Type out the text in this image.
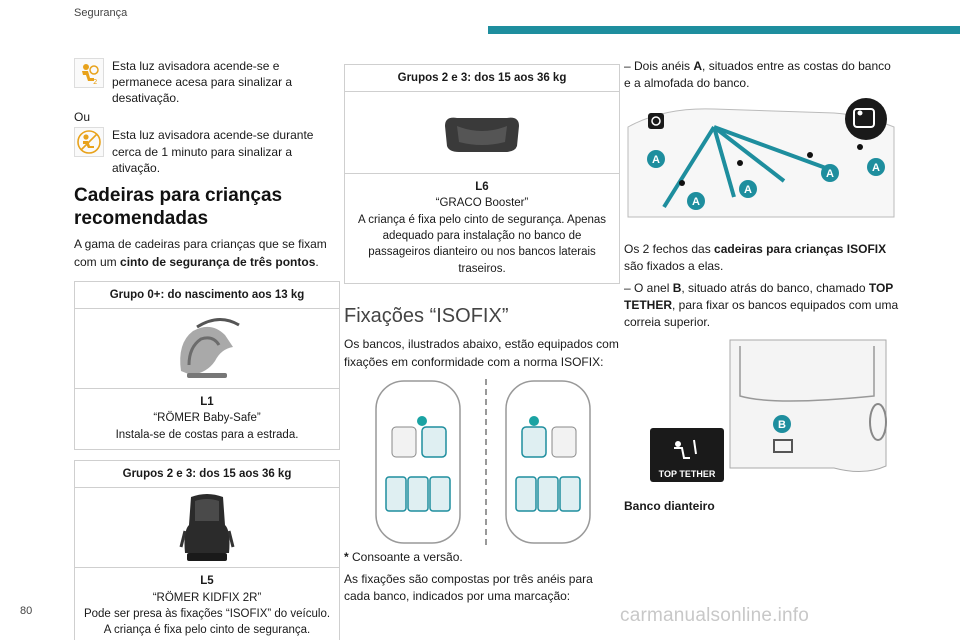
Segurança
2
Esta luz avisadora acende-se e permanece acesa para sinalizar a desativação.
Ou
Esta luz avisadora acende-se durante cerca de 1 minuto para sinalizar a ativação.
Cadeiras para crianças recomendadas

A gama de cadeiras para crianças que se fixam com um cinto de segurança de três pontos.

Grupo 0+: do nascimento aos 13 kg
L1
“RÖMER Baby-Safe”
Instala-se de costas para a estrada.
Grupos 2 e 3: dos 15 aos 36 kg
L5
“RÖMER KIDFIX 2R”
Pode ser presa às fixações “ISOFIX” do veículo. A criança é fixa pelo cinto de segurança.
Grupos 2 e 3: dos 15 aos 36 kg
L6
“GRACO Booster”
A criança é fixa pelo cinto de segurança. Apenas adequado para instalação no banco de passageiros dianteiro ou nos bancos laterais traseiros.
Fixações “ISOFIX”

Os bancos, ilustrados abaixo, estão equipados com fixações em conformidade com a norma ISOFIX:

* Consoante a versão.

As fixações são compostas por três anéis para cada banco, indicados por uma marcação:

– Dois anéis A, situados entre as costas do banco e a almofada do banco.

A
A
A
A	A

Os 2 fechos das cadeiras para crianças ISOFIX são fixados a elas.

– O anel B, situado atrás do banco, chamado TOP TETHER, para fixar os bancos equipados com uma correia superior.

B
TOP TETHER
Banco dianteiro
80	carmanualsonline.info
